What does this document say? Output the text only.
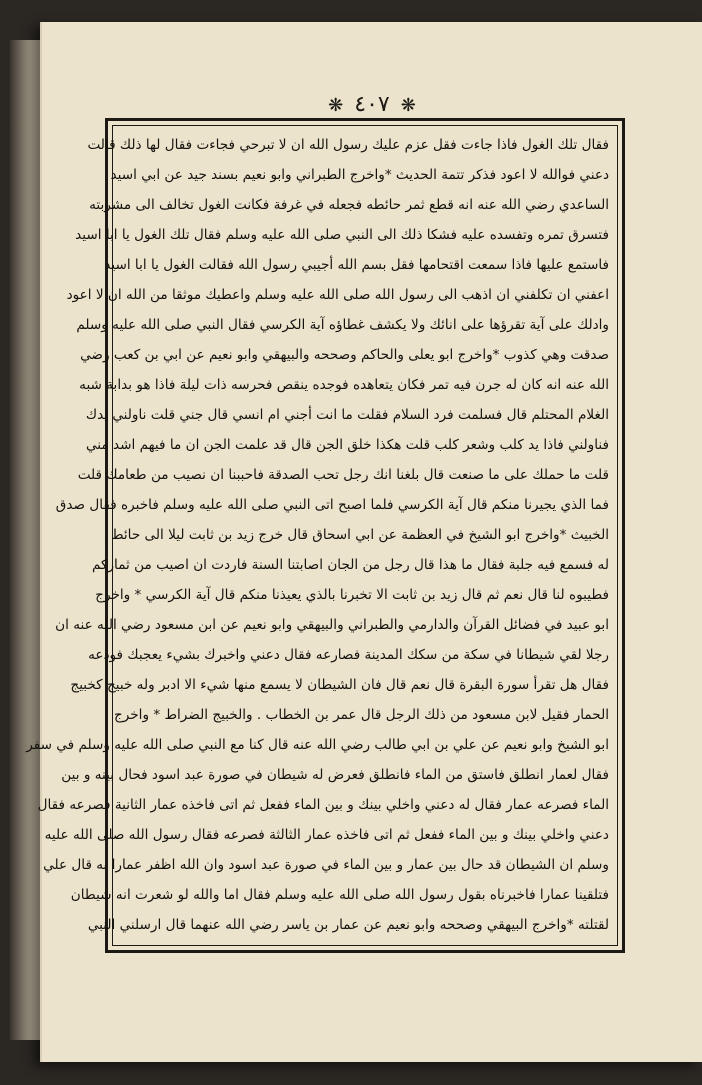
❋ ٤٠٧ ❋
فقال تلك الغول فاذا جاءت فقل عزم عليك رسول الله ان لا تبرحي فجاءت فقال لها ذلك قالت
دعني فوالله لا اعود فذكر تتمة الحديث *واخرج الطبراني وابو نعيم بسند جيد عن ابي اسيد
الساعدي رضي الله عنه انه قطع ثمر حائطه فجعله في غرفة فكانت الغول تخالف الى مشربته
فتسرق تمره وتفسده عليه فشكا ذلك الى النبي صلى الله عليه وسلم فقال تلك الغول يا ابا اسيد
فاستمع عليها فاذا سمعت اقتحامها فقل بسم الله أجيبي رسول الله فقالت الغول يا ابا اسيد
اعفني ان تكلفني ان اذهب الى رسول الله صلى الله عليه وسلم واعطيك موثقا من الله ان لا اعود
وادلك على آية تقرؤها على انائك ولا يكشف غطاؤه آية الكرسي فقال النبي صلى الله عليه وسلم
صدقت وهي كذوب *واخرج ابو يعلى والحاكم وصححه والبيهقي وابو نعيم عن ابي بن كعب رضي
الله عنه انه كان له جرن فيه تمر فكان يتعاهده فوجده ينقص فحرسه ذات ليلة فاذا هو بدابة شبه
الغلام المحتلم قال فسلمت فرد السلام فقلت ما انت أجني ام انسي قال جني قلت ناولني يدك
فناولني فاذا يد كلب وشعر كلب قلت هكذا خلق الجن قال قد علمت الجن ان ما فيهم اشد مني
قلت ما حملك على ما صنعت قال بلغنا انك رجل تحب الصدقة فاحببنا ان نصيب من طعامك قلت
فما الذي يجيرنا منكم قال آية الكرسي فلما اصبح اتى النبي صلى الله عليه وسلم فاخبره فقال صدق
الخبيث *واخرج ابو الشيخ في العظمة عن ابي اسحاق قال خرج زيد بن ثابت ليلا الى حائط
له فسمع فيه جلبة فقال ما هذا قال رجل من الجان اصابتنا السنة فاردت ان اصيب من ثماركم
فطيبوه لنا قال نعم ثم قال زيد بن ثابت الا تخبرنا بالذي يعيذنا منكم قال آية الكرسي * واخرج
ابو عبيد في فضائل القرآن والدارمي والطبراني والبيهقي وابو نعيم عن ابن مسعود رضي الله عنه ان
رجلا لقي شيطانا في سكة من سكك المدينة فصارعه فقال دعني واخبرك بشيء يعجبك فودعه
فقال هل تقرأ سورة البقرة قال نعم قال فان الشيطان لا يسمع منها شيء الا ادبر وله خبيج كخبيج
الحمار فقيل لابن مسعود من ذلك الرجل قال عمر بن الخطاب . والخبيج الضراط * واخرج
ابو الشيخ وابو نعيم عن علي بن ابي طالب رضي الله عنه قال كنا مع النبي صلى الله عليه وسلم في سفر
فقال لعمار انطلق فاستق من الماء فانطلق فعرض له شيطان في صورة عبد اسود فحال بينه و بين
الماء فصرعه عمار فقال له دعني واخلي بينك و بين الماء ففعل ثم اتى فاخذه عمار الثانية فصرعه فقال
دعني واخلي بينك و بين الماء ففعل ثم اتى فاخذه عمار الثالثة فصرعه فقال رسول الله صلى الله عليه
وسلم ان الشيطان قد حال بين عمار و بين الماء في صورة عبد اسود وان الله اظفر عمارا به قال علي
فتلقينا عمارا فاخبرناه بقول رسول الله صلى الله عليه وسلم فقال اما والله لو شعرت انه شيطان
لقتلته *واخرج البيهقي وصححه وابو نعيم عن عمار بن ياسر رضي الله عنهما قال ارسلني النبي
